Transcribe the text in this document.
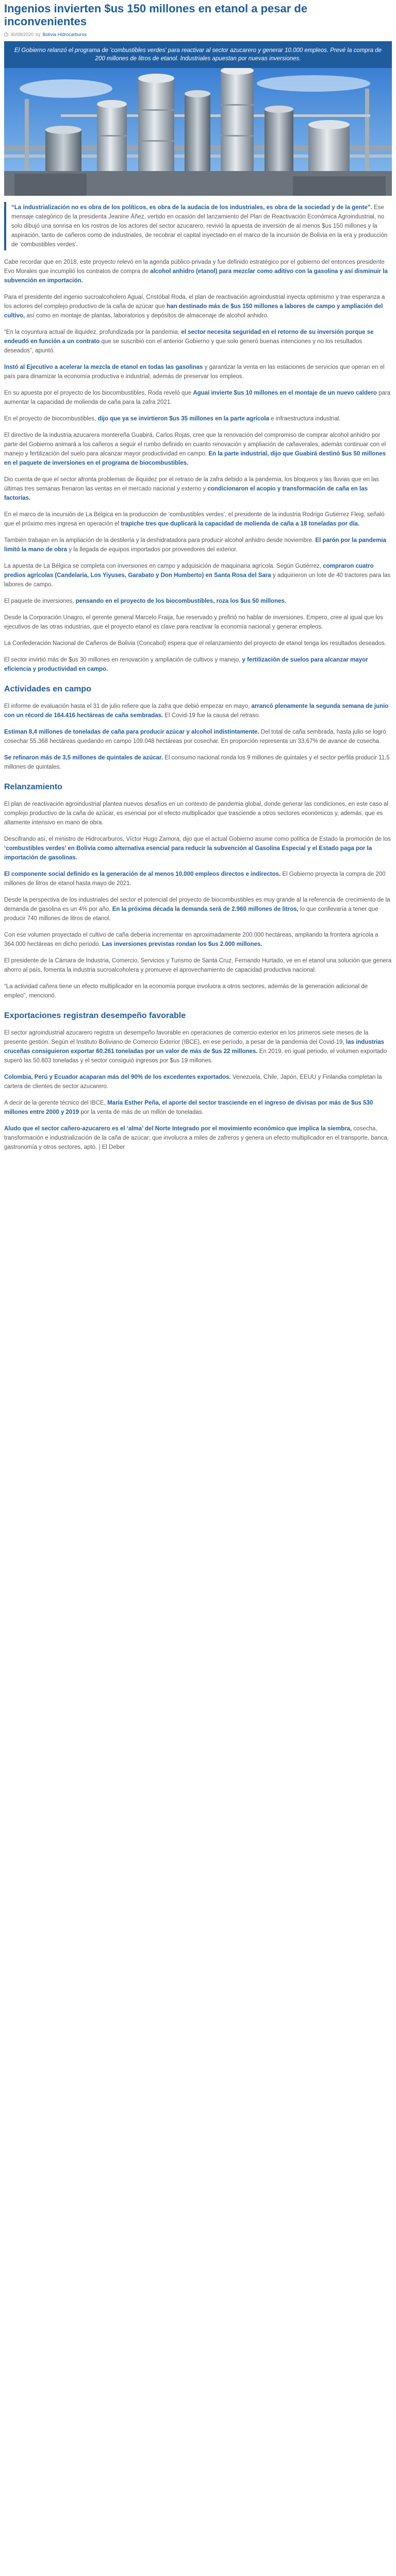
Ingenios invierten $us 150 millones en etanol a pesar de inconvenientes
30/08/2020 by Bolivia Hidrocarburos
El Gobierno relanzó el programa de 'combustibles verdes' para reactivar al sector azucarero y generar 10.000 empleos. Prevé la compra de 200 millones de litros de etanol. Industriales apuestan por nuevas inversiones.
“La industrialización no es obra de los políticos, es obra de la audacia de los industriales, es obra de la sociedad y de la gente”. Ese mensaje categórico de la presidenta Jeanine Áñez, vertido en ocasión del lanzamiento del Plan de Reactivación Económica Agroindustrial, no solo dibujó una sonrisa en los rostros de los actores del sector azucarero, revivió la apuesta de inversión de al menos $us 150 millones y la aspiración, tanto de cañeros como de industriales, de recobrar el capital inyectado en el marco de la incursión de Bolivia en la era y producción de ‘combustibles verdes’.

Cabe recordar que en 2018, este proyecto relevó en la agenda público-privada y fue definido estratégico por el gobierno del entonces presidente Evo Morales que incumplió los contratos de compra de alcohol anhidro (etanol) para mezclar como aditivo con la gasolina y así disminuir la subvención en importación.

Para el presidente del ingenio sucroalcoholero Aguaí, Cristóbal Roda, el plan de reactivación agroindustrial inyecta optimismo y trae esperanza a los actores del complejo productivo de la caña de azúcar que han destinado más de $us 150 millones a labores de campo y ampliación del cultivo, así como en montaje de plantas, laboratorios y depósitos de almacenaje de alcohol anhidro.

“En la coyuntura actual de iliquidez, profundizada por la pandemia, el sector necesita seguridad en el retorno de su inversión porque se endeudó en función a un contrato que se suscribió con el anterior Gobierno y que solo generó buenas intenciones y no los resultados deseados”, apuntó.

Instó al Ejecutivo a acelerar la mezcla de etanol en todas las gasolinas y garantizar la venta en las estaciones de servicios que operan en el país para dinamizar la economía productiva e industrial, además de preservar los empleos.

En su apuesta por el proyecto de los biocombustibles, Roda reveló que Aguaí invierte $us 10 millones en el montaje de un nuevo caldero para aumentar la capacidad de molienda de caña para la zafra 2021.

En el proyecto de biocombustibles, dijo que ya se invirtieron $us 35 millones en la parte agrícola e infraestructura industrial.

El directivo de la industria azucarera montereña Guabirá, Carlos Rojas, cree que la renovación del compromiso de comprar alcohol anhidro por parte del Gobierno animará a los cañeros a seguir el rumbo definido en cuanto renovación y ampliación de cañaverales, además continuar con el manejo y fertilización del suelo para alcanzar mayor productividad en campo. En la parte industrial, dijo que Guabirá destinó $us 50 millones en el paquete de inversiones en el programa de biocombustibles.

Dio cuenta de que el sector afronta problemas de iliquidez por el retraso de la zafra debido a la pandemia, los bloqueos y las lluvias que en las últimas tres semanas frenaron las ventas en el mercado nacional y externo y condicionaron el acopio y transformación de caña en las factorías.

En el marco de la incursión de La Bélgica en la producción de ‘combustibles verdes’, el presidente de la industria Rodrigo Gutiérrez Fleig, señaló que el próximo mes ingresa en operación el trapiche tres que duplicará la capacidad de molienda de caña a 18 toneladas por día.

También trabajan en la ampliación de la destilería y la deshidratadora para producir alcohol anhidro desde noviembre. El parón por la pandemia limitó la mano de obra y la llegada de equipos importados por proveedores del exterior.

La apuesta de La Bélgica se completa con inversiones en campo y adquisición de maquinaria agrícola. Según Gutiérrez, compraron cuatro predios agrícolas (Candelaria, Los Yiyuses, Garabato y Don Humberto) en Santa Rosa del Sara y adquirieron un lote de 40 tractores para las labores de campo.

El paquete de inversiones, pensando en el proyecto de los biocombustibles, roza los $us 50 millones.

Desde la Corporación Unagro, el gerente general Marcelo Fraija, fue reservado y prefirió no hablar de inversiones. Empero, cree al igual que los ejecutivos de las otras industrias, que el proyecto etanol es clave para reactivar la economía nacional y generar empleos.

La Confederación Nacional de Cañeros de Bolivia (Concabol) espera que el relanzamiento del proyecto de etanol tenga los resultados deseados.

El sector invirtió más de $us 30 millones en renovación y ampliación de cultivos y manejo, y fertilización de suelos para alcanzar mayor eficiencia y productividad en campo.

Actividades en campo

El informe de evaluación hasta el 31 de julio refiere que la zafra que debió empezar en mayo, arrancó plenamente la segunda semana de junio con un récord de 164.416 hectáreas de caña sembradas. El Covid-19 fue la causa del retraso.

Estiman 8,4 millones de toneladas de caña para producir azúcar y alcohol indistintamente. Del total de caña sembrada, hasta julio se logró cosechar 55.368 hectáreas quedando en campo 109.048 hectáreas por cosechar. En proporción representa un 33,67% de avance de cosecha.

Se refinaron más de 3,5 millones de quintales de azúcar. El consumo nacional ronda los 9 millones de quintales y el sector perfila producir 11,5 millones de quintales.

Relanzamiento

El plan de reactivación agroindustrial plantea nuevos desafíos en un contexto de pandemia global, donde generar las condiciones, en este caso al complejo productivo de la caña de azúcar, es esencial por el efecto multiplicador que trasciende a otros sectores económicos y, además, que es altamente intensivo en mano de obra.

Descifrando así, el ministro de Hidrocarburos, Víctor Hugo Zamora, dijo que el actual Gobierno asume como política de Estado la promoción de los ‘combustibles verdes’ en Bolivia como alternativa esencial para reducir la subvención al Gasolina Especial y el Estado paga por la importación de gasolinas.

El componente social definido es la generación de al menos 10.000 empleos directos e indirectos. El Gobierno proyecta la compra de 200 millones de litros de etanol hasta mayo de 2021.

Desde la perspectiva de los industriales del sector el potencial del proyecto de biocombustibles es muy grande al la referencia de crecimiento de la demanda de gasolina es un 4% por año. En la próxima década la demanda será de 2.960 millones de litros, lo que conllevaría a tener que producir 740 millones de litros de etanol.

Con ese volumen proyectado el cultivo de caña debería incrementar en aproximadamente 200.000 hectáreas, ampliando la frontera agrícola a 364.000 hectáreas en dicho periodo. Las inversiones previstas rondan los $us 2.000 millones.

El presidente de la Cámara de Industria, Comercio, Servicios y Turismo de Santa Cruz, Fernando Hurtado, ve en el etanol una solución que genera ahorro al país, fomenta la industria sucroalcoholera y promueve el aprovechamiento de capacidad productiva nacional.

“La actividad cañera tiene un efecto multiplicador en la economía porque involucra a otros sectores, además de la generación adicional de empleo”, mencionó.

Exportaciones registran desempeño favorable

El sector agroindustrial azucarero registra un desempeño favorable en operaciones de comercio exterior en los primeros siete meses de la presente gestión. Según el Instituto Boliviano de Comercio Exterior (IBCE), en ese período, a pesar de la pandemia del Covid-19, las industrias cruceñas consiguieron exportar 60.261 toneladas por un valor de más de $us 22 millones. En 2019, en igual periodo, el volumen exportado superó las 50.603 toneladas y el sector consiguió ingresos por $us 19 millones.

Colombia, Perú y Ecuador acaparan más del 90% de los excedentes exportados. Venezuela, Chile, Japón, EEUU y Finlandia completan la cartera de clientes de sector azucarero.

A decir de la gerente técnico del IBCE, María Esther Peña, el aporte del sector trasciende en el ingreso de divisas por más de $us 530 millones entre 2000 y 2019 por la venta de más de un millón de toneladas.

Aludo que el sector cañero-azucarero es el ‘alma’ del Norte Integrado por el movimiento económico que implica la siembra, cosecha, transformación e industrialización de la caña de azúcar; que involucra a miles de zafreros y genera un efecto multiplicador en el transporte, banca, gastronomía y otros sectores, aptó. | El Deber
